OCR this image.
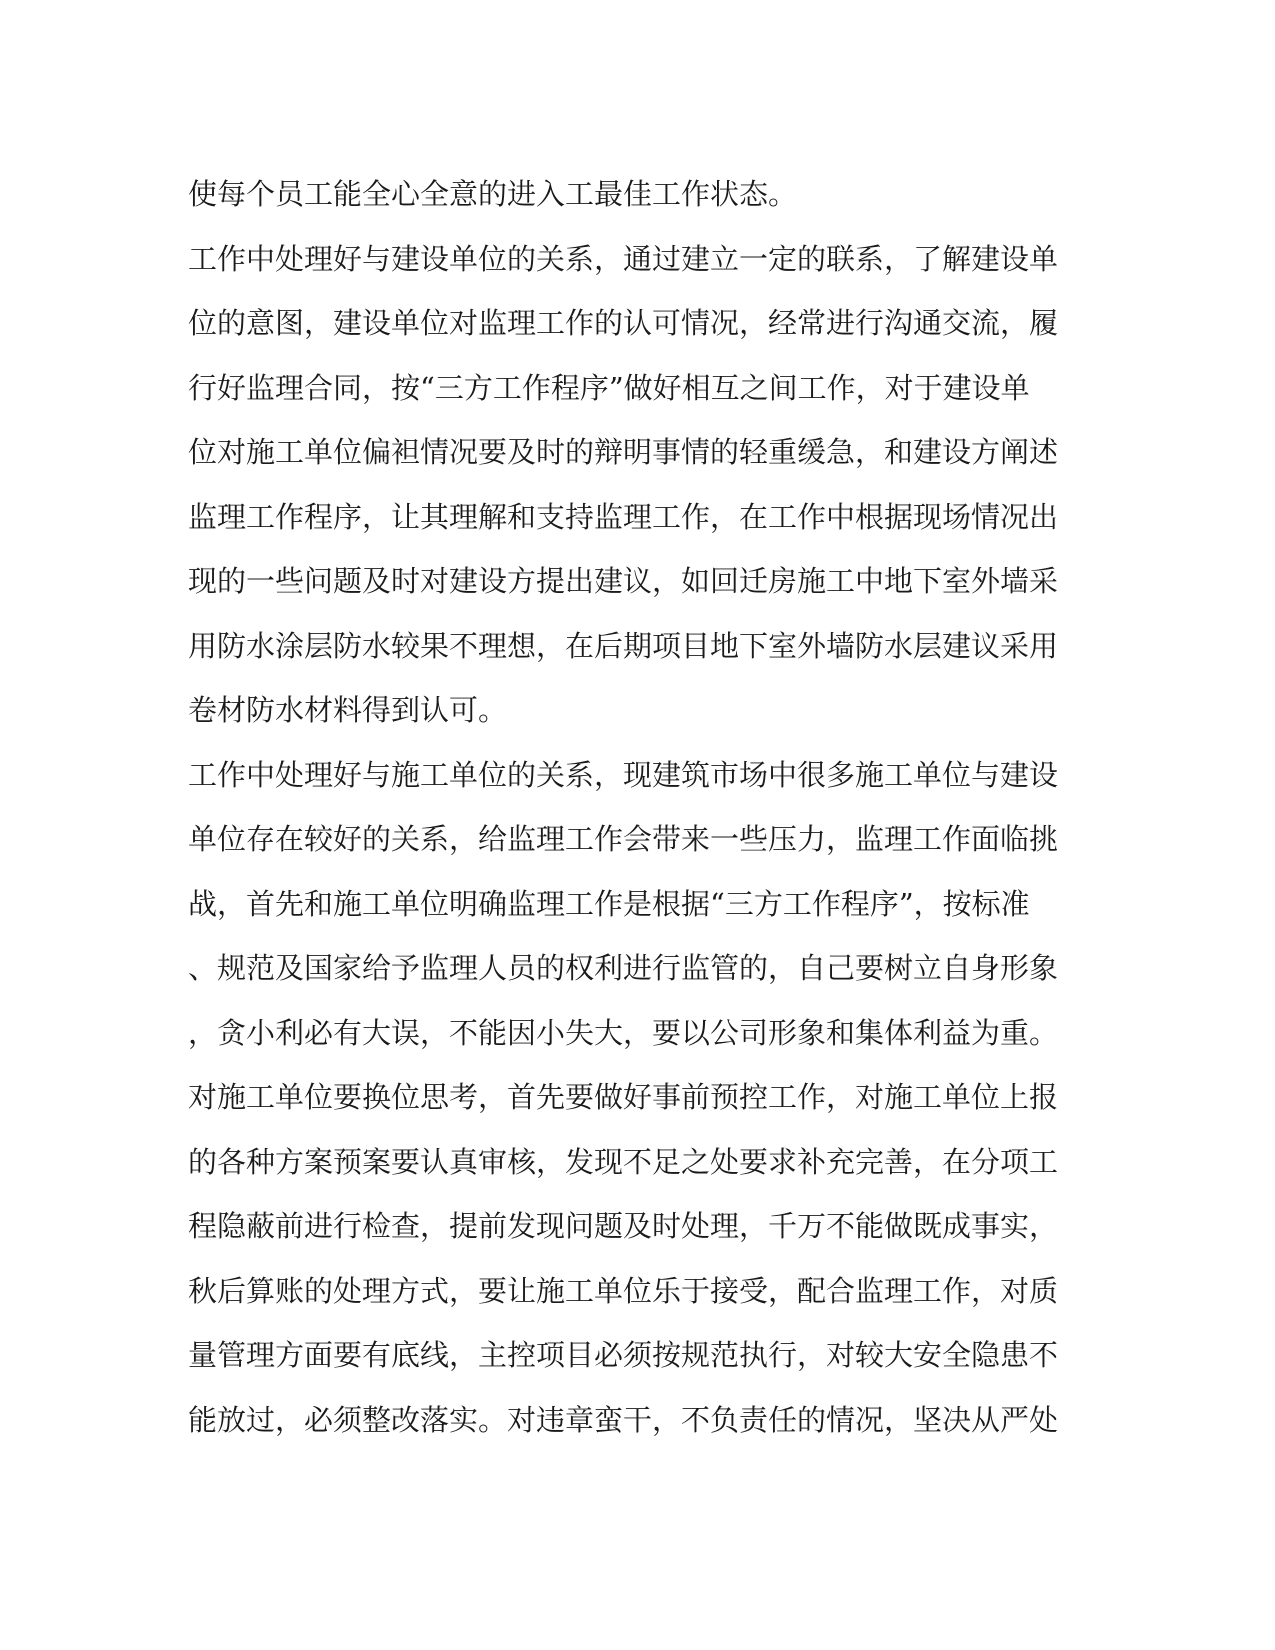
使每个员工能全心全意的进入工最佳工作状态。
工作中处理好与建设单位的关系，通过建立一定的联系，了解建设单
位的意图，建设单位对监理工作的认可情况，经常进行沟通交流，履
行好监理合同，按“三方工作程序”做好相互之间工作，对于建设单
位对施工单位偏袒情况要及时的辩明事情的轻重缓急，和建设方阐述
监理工作程序，让其理解和支持监理工作，在工作中根据现场情况出
现的一些问题及时对建设方提出建议，如回迁房施工中地下室外墙采
用防水涂层防水较果不理想，在后期项目地下室外墙防水层建议采用
卷材防水材料得到认可。
工作中处理好与施工单位的关系，现建筑市场中很多施工单位与建设
单位存在较好的关系，给监理工作会带来一些压力，监理工作面临挑
战，首先和施工单位明确监理工作是根据“三方工作程序”，按标准
、规范及国家给予监理人员的权利进行监管的，自己要树立自身形象
，贪小利必有大误，不能因小失大，要以公司形象和集体利益为重。
对施工单位要换位思考，首先要做好事前预控工作，对施工单位上报
的各种方案预案要认真审核，发现不足之处要求补充完善，在分项工
程隐蔽前进行检查，提前发现问题及时处理，千万不能做既成事实，
秋后算账的处理方式，要让施工单位乐于接受，配合监理工作，对质
量管理方面要有底线，主控项目必须按规范执行，对较大安全隐患不
能放过，必须整改落实。对违章蛮干，不负责任的情况，坚决从严处
